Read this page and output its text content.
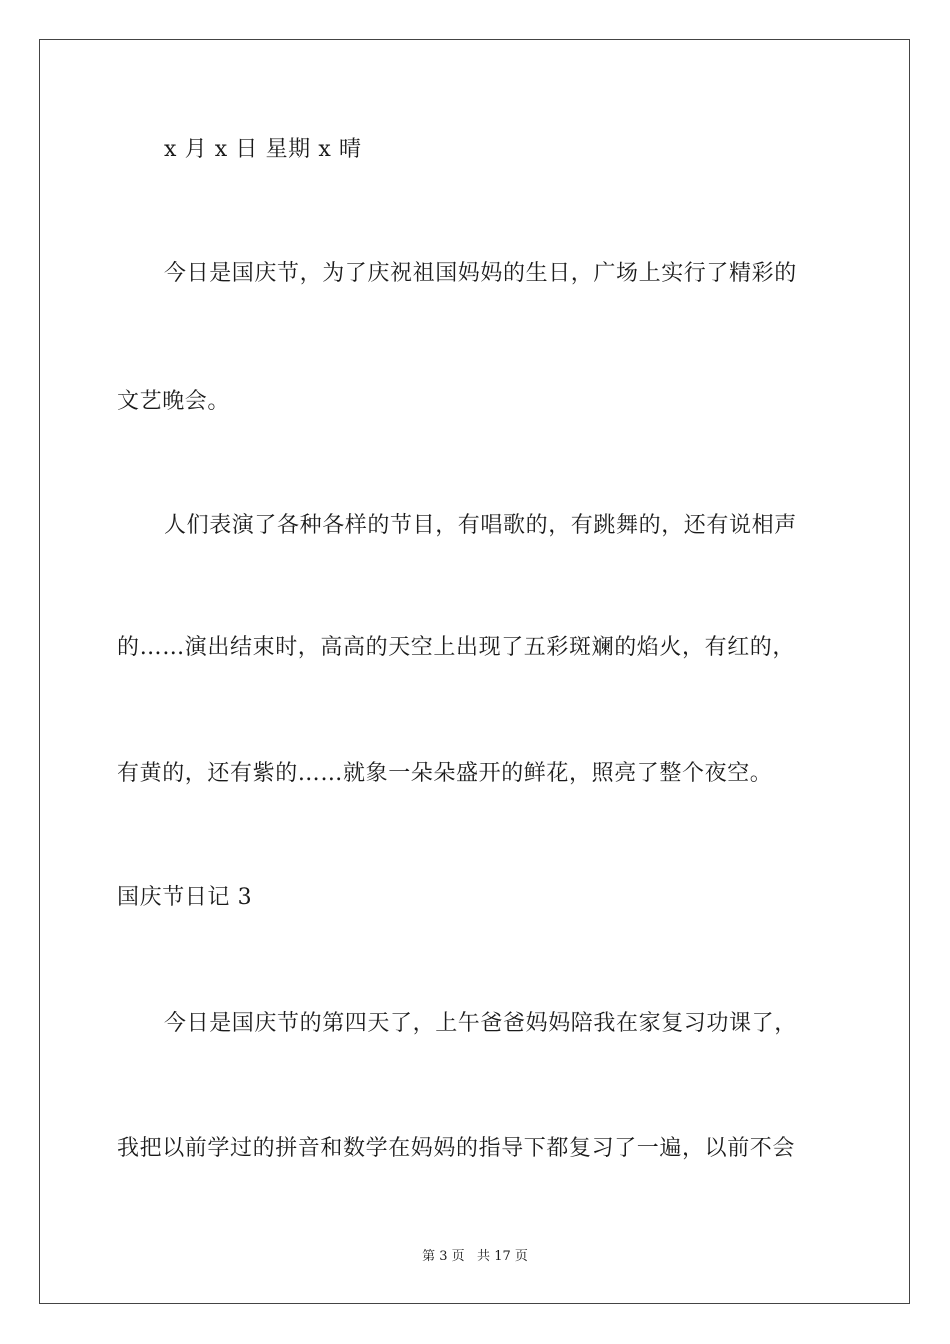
x 月 x 日 星期 x 晴
今日是国庆节，为了庆祝祖国妈妈的生日，广场上实行了精彩的
文艺晚会。
人们表演了各种各样的节目，有唱歌的，有跳舞的，还有说相声
的……演出结束时，高高的天空上出现了五彩斑斓的焰火，有红的，
有黄的，还有紫的……就象一朵朵盛开的鲜花，照亮了整个夜空。
国庆节日记 3
今日是国庆节的第四天了，上午爸爸妈妈陪我在家复习功课了，
我把以前学过的拼音和数学在妈妈的指导下都复习了一遍，以前不会
第 3 页   共 17 页
